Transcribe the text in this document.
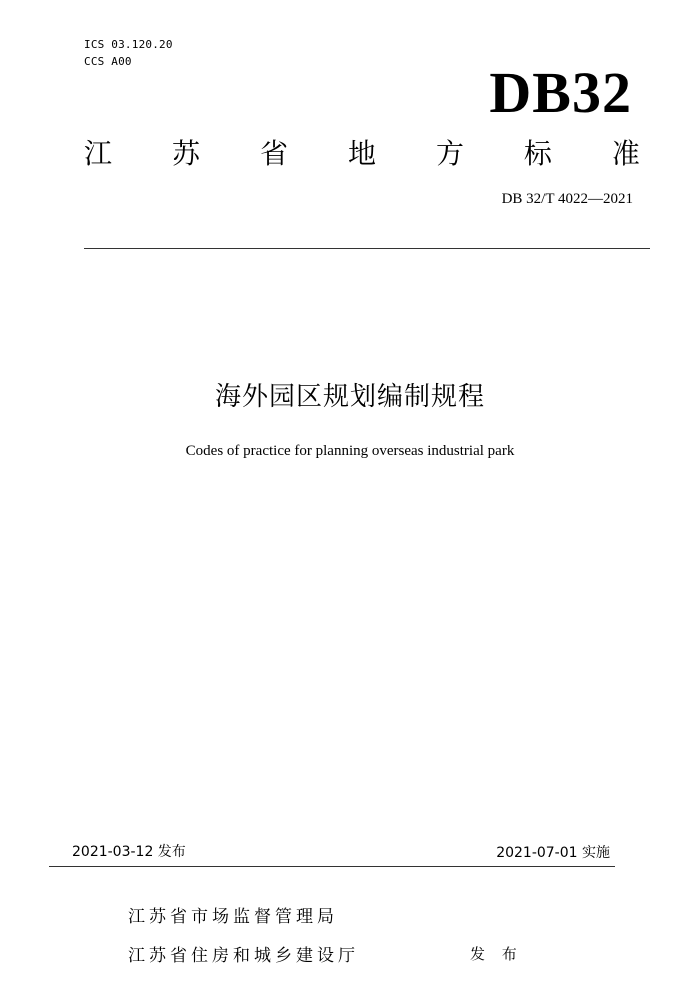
ICS 03.120.20
CCS A00	DB32
江 苏 省 地 方 标 准
DB 32/T 4022—2021
海外园区规划编制规程
Codes of practice for planning overseas industrial park
2021-03-12 发布	2021-07-01 实施
江苏省市场监督管理局
江苏省住房和城乡建设厅	发 布
